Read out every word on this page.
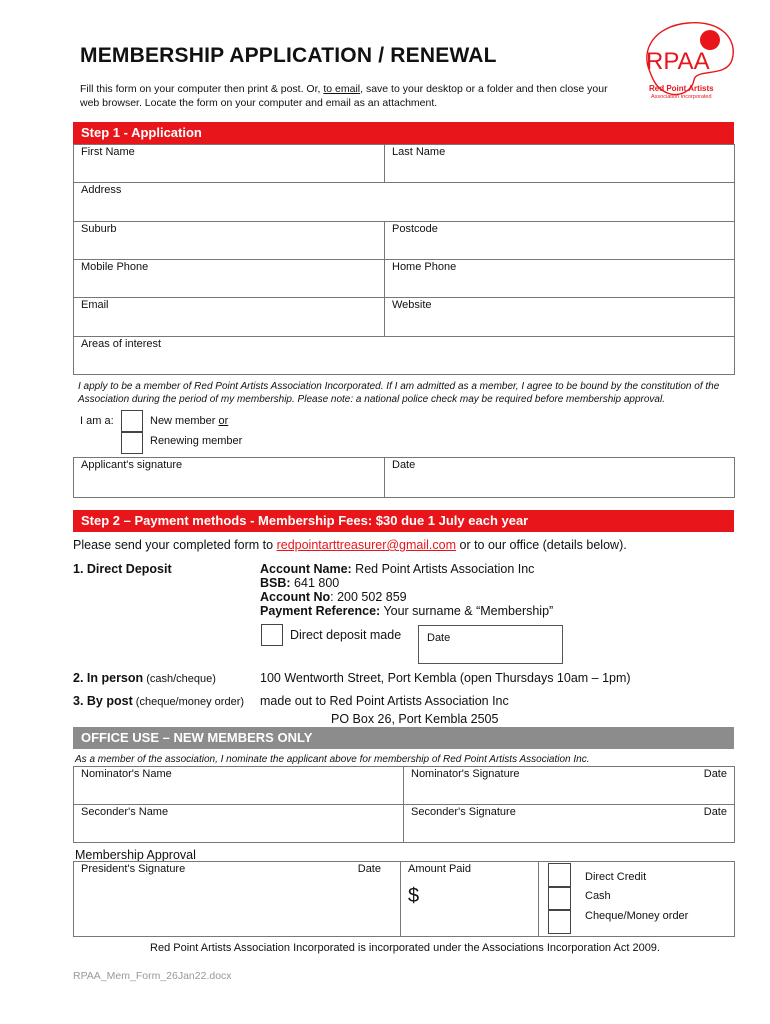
MEMBERSHIP APPLICATION / RENEWAL
Fill this form on your computer then print & post. Or, to email, save to your desktop or a folder and then close your web browser. Locate the form on your computer and email as an attachment.
RPAA
Red Point Artists
Association Incorporated
Step 1 - Application
First Name	Last Name
Address	
Suburb	Postcode
Mobile Phone	Home Phone
Email	Website
Areas of interest	
I apply to be a member of Red Point Artists Association Incorporated. If I am admitted as a member, I agree to be bound by the constitution of the Association during the period of my membership. Please note: a national police check may be required before membership approval.
I am a:	New member or
Renewing member
Applicant's signature	Date
Step 2 – Payment methods - Membership Fees: $30 due 1 July each year
Please send your completed form to redpointarttreasurer@gmail.com or to our office (details below).
1. Direct Deposit	Account Name: Red Point Artists Association Inc
BSB: 641 800
Account No: 200 502 859
Payment Reference: Your surname & “Membership”
Direct deposit made	Date
2. In person (cash/cheque)	100 Wentworth Street, Port Kembla (open Thursdays 10am – 1pm)
3. By post (cheque/money order) made out to Red Point Artists Association Inc
PO Box 26, Port Kembla 2505
OFFICE USE – NEW MEMBERS ONLY
As a member of the association, I nominate the applicant above for membership of Red Point Artists Association Inc.
Nominator's Name	Nominator's Signature Date

Seconder's Name	Seconder's Signature Date
Membership Approval
President's Signature	Date	Amount Paid
$

Direct Credit
Cash
Cheque/Money order
Red Point Artists Association Incorporated is incorporated under the Associations Incorporation Act 2009.
RPAA_Mem_Form_26Jan22.docx
